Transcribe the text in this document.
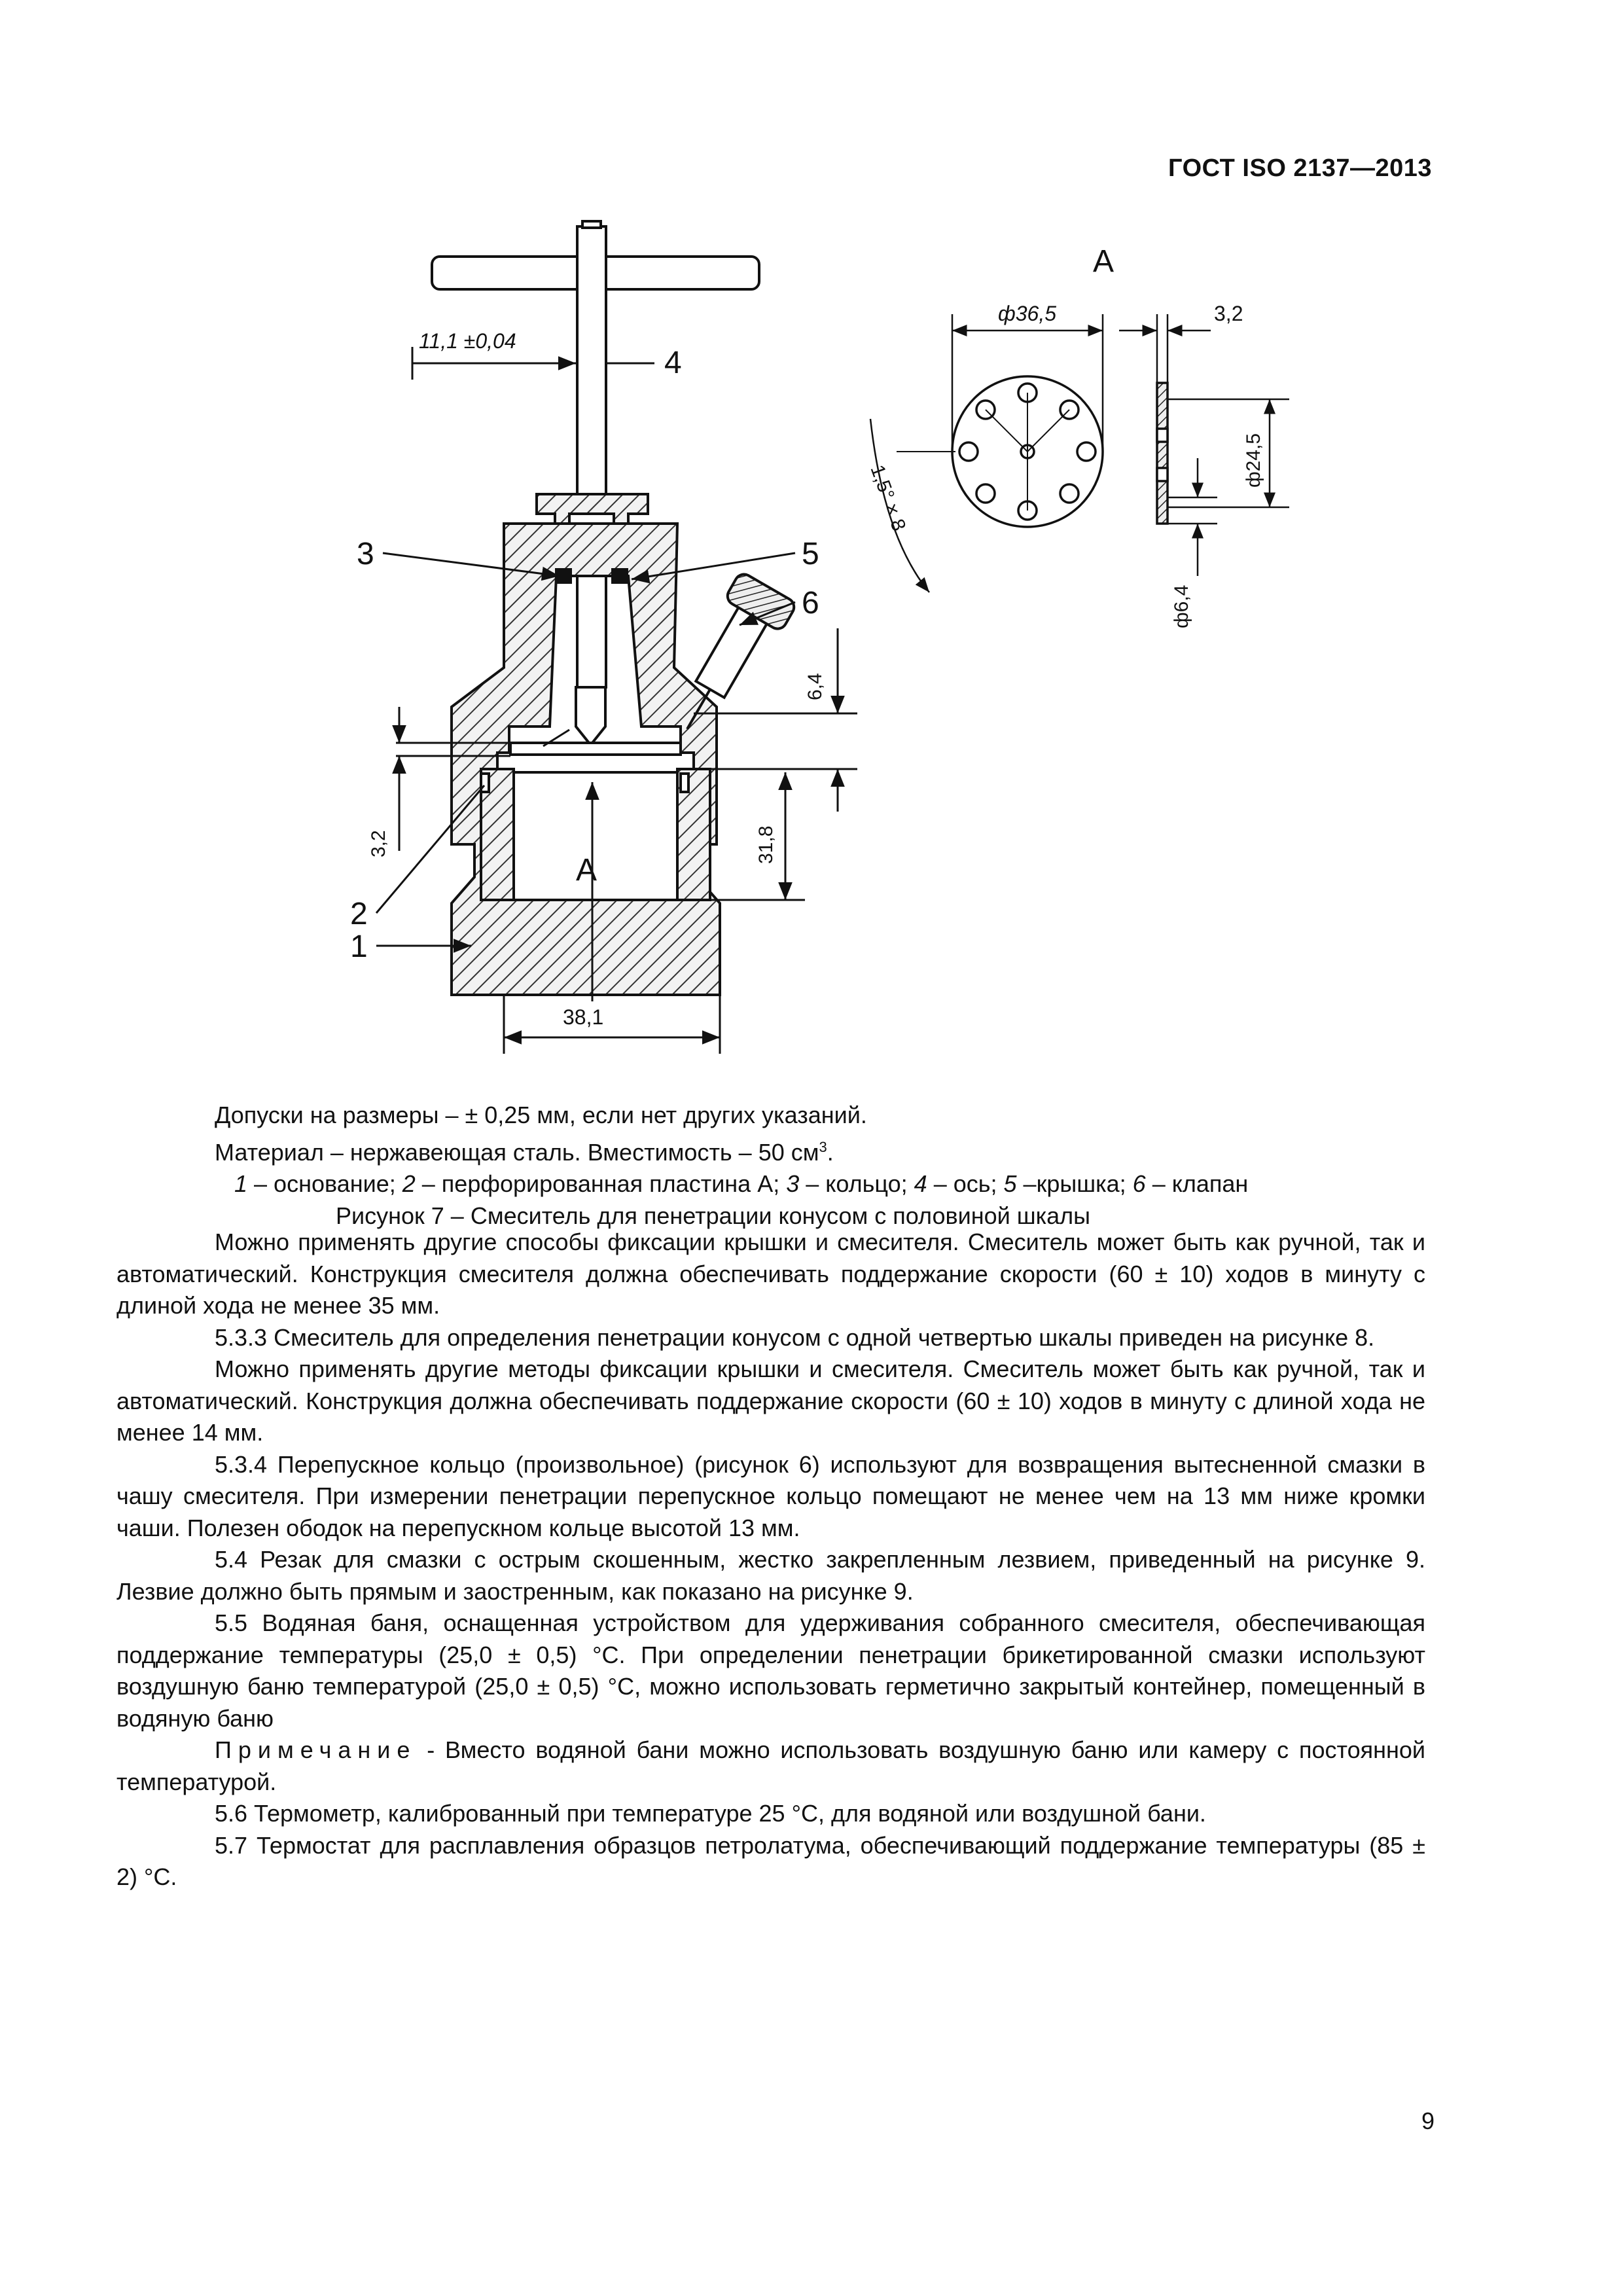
ГОСТ ISO 2137—2013
11,1 ±0,04
4
3	5
6
2
1
А
А
38,1
ф36,5	3,2
3,2
6,4
31,8
ф24,5
ф6,4
1,5° × 8

Допуски на размеры – ± 0,25 мм, если нет других указаний.

Материал – нержавеющая сталь. Вместимость – 50 $см^3$.

1 – основание; 2 – перфорированная пластина А; 3 – кольцо; 4 – ось; 5 –крышка; 6 – клапан

Рисунок 7 – Смеситель для пенетрации конусом с половиной шкалы

Можно применять другие способы фиксации крышки и смесителя. Смеситель может быть как ручной, так и автоматический. Конструкция смесителя должна обеспечивать поддержание скорости (60 ± 10) ходов в минуту с длиной хода не менее 35 мм.

5.3.3 Смеситель для определения пенетрации конусом с одной четвертью шкалы приведен на рисунке 8.

Можно применять другие методы фиксации крышки и смесителя. Смеситель может быть как ручной, так и автоматический. Конструкция должна обеспечивать поддержание скорости (60 ± 10) ходов в минуту с длиной хода не менее 14 мм.

5.3.4 Перепускное кольцо (произвольное) (рисунок 6) используют для возвращения вытесненной смазки в чашу смесителя. При измерении пенетрации перепускное кольцо помещают не менее чем на 13 мм ниже кромки чаши. Полезен ободок на перепускном кольце высотой 13 мм.

5.4 Резак для смазки с острым скошенным, жестко закрепленным лезвием, приведенный на рисунке 9. Лезвие должно быть прямым и заостренным, как показано на рисунке 9.

5.5 Водяная баня, оснащенная устройством для удерживания собранного смесителя, обеспечивающая поддержание температуры (25,0 ± 0,5) °С. При определении пенетрации брикетированной смазки используют воздушную баню температурой (25,0 ± 0,5) °С, можно использовать герметично закрытый контейнер, помещенный в водяную баню

Примечание - Вместо водяной бани можно использовать воздушную баню или камеру с постоянной температурой.

5.6 Термометр, калиброванный при температуре 25 °С, для водяной или воздушной бани.

5.7 Термостат для расплавления образцов петролатума, обеспечивающий поддержание температуры (85 ± 2) °С.

9
